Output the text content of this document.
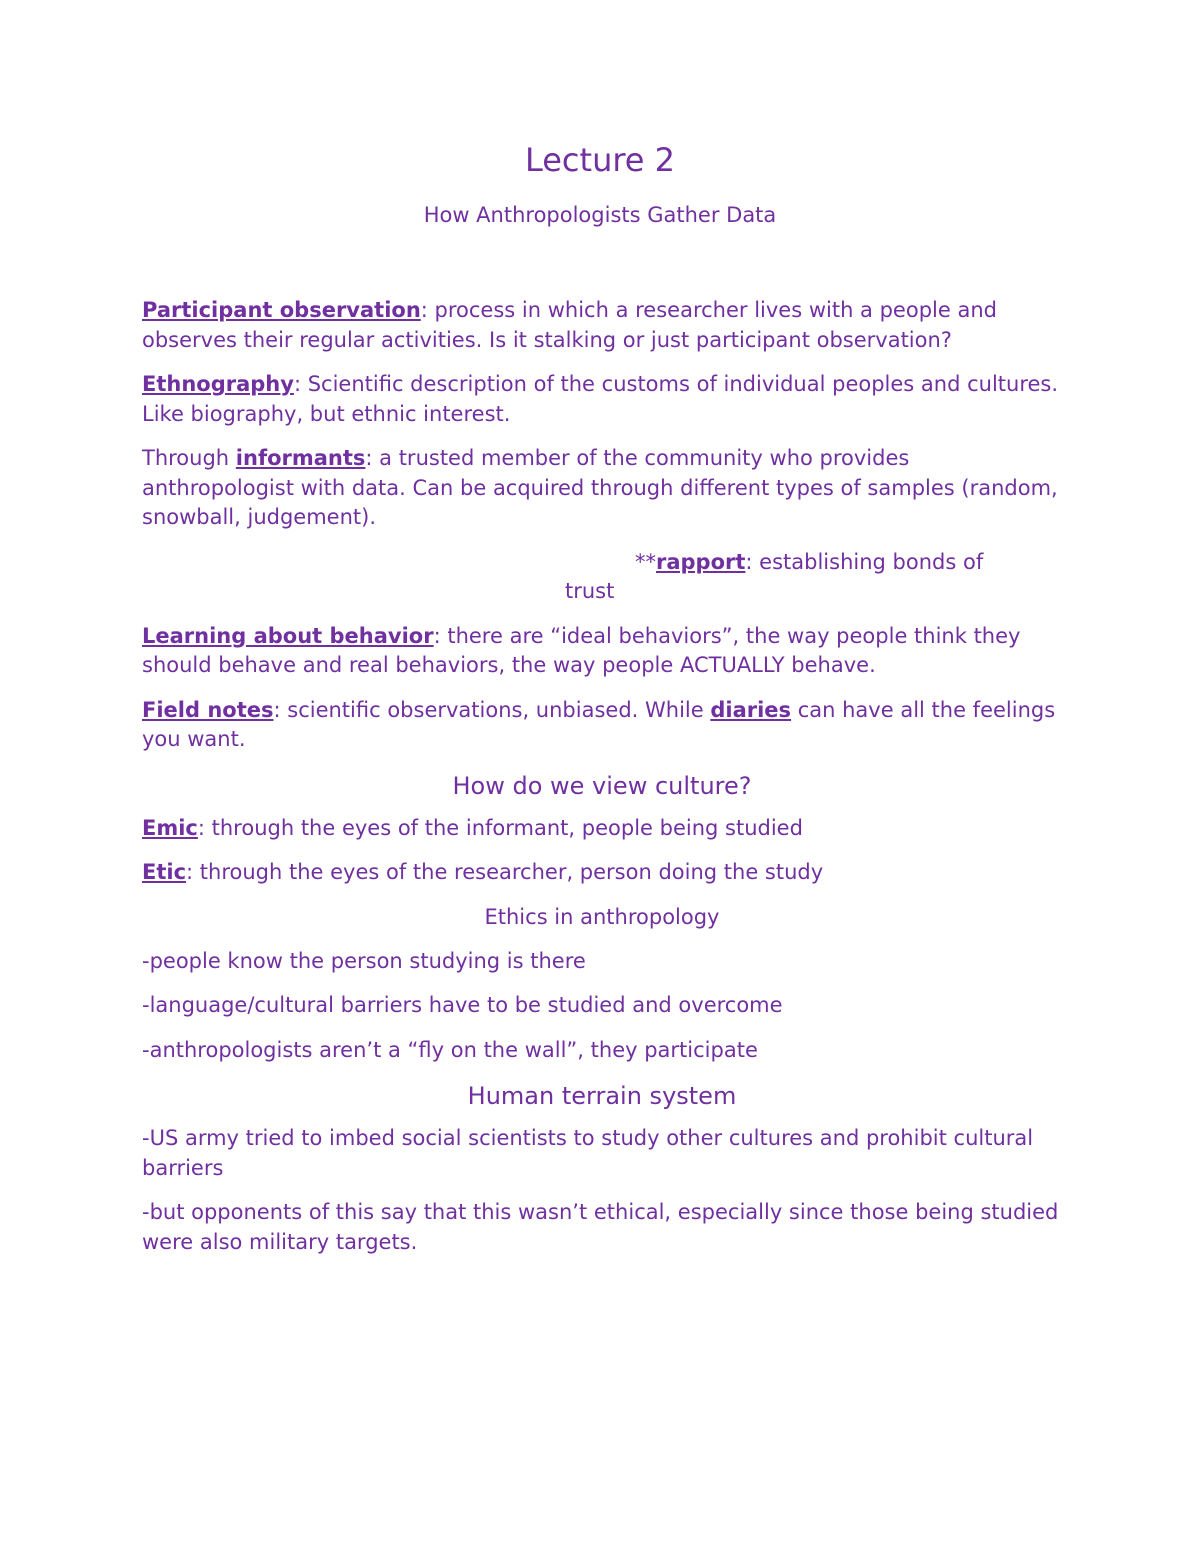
Lecture 2
How Anthropologists Gather Data

Participant observation: process in which a researcher lives with a people and observes their regular activities. Is it stalking or just participant observation?

Ethnography: Scientific description of the customs of individual peoples and cultures. Like biography, but ethnic interest.

Through informants: a trusted member of the community who provides anthropologist with data. Can be acquired through different types of samples (random, snowball, judgement).

**rapport: establishing bonds of
trust

Learning about behavior: there are “ideal behaviors”, the way people think they should behave and real behaviors, the way people ACTUALLY behave.

Field notes: scientific observations, unbiased. While diaries can have all the feelings you want.

How do we view culture?

Emic: through the eyes of the informant, people being studied

Etic: through the eyes of the researcher, person doing the study

Ethics in anthropology

-people know the person studying is there

-language/cultural barriers have to be studied and overcome

-anthropologists aren’t a “fly on the wall”, they participate

Human terrain system

-US army tried to imbed social scientists to study other cultures and prohibit cultural barriers

-but opponents of this say that this wasn’t ethical, especially since those being studied were also military targets.
